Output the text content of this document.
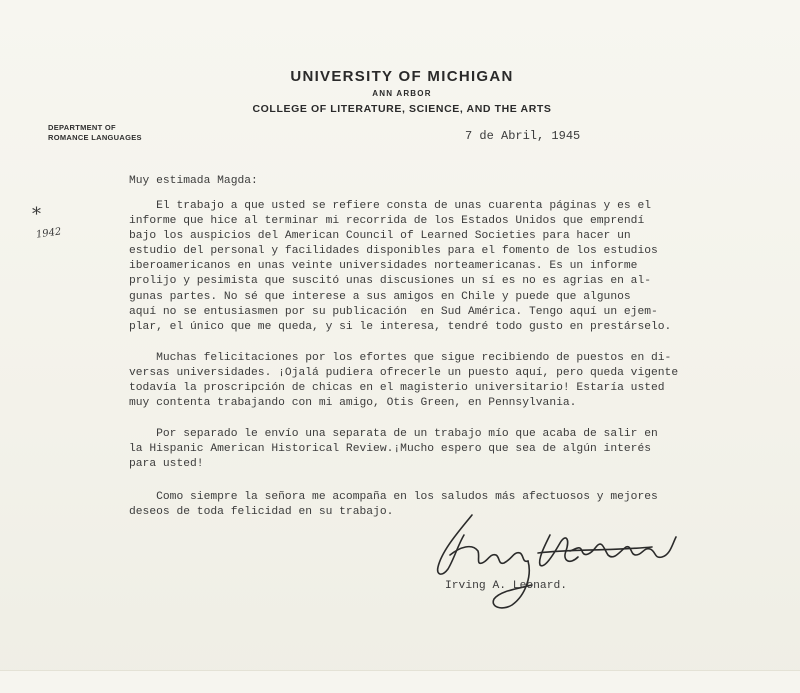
UNIVERSITY OF MICHIGAN
ANN ARBOR
COLLEGE OF LITERATURE, SCIENCE, AND THE ARTS
DEPARTMENT OF
ROMANCE LANGUAGES	7 de Abril, 1945
*
1942
Muy estimada Magda:
El trabajo a que usted se refiere consta de unas cuarenta páginas y es el
informe que hice al terminar mi recorrida de los Estados Unidos que emprendí
bajo los auspicios del American Council of Learned Societies para hacer un
estudio del personal y facilidades disponibles para el fomento de los estudios
iberoamericanos en unas veinte universidades norteamericanas. Es un informe
prolijo y pesimista que suscitó unas discusiones un sí es no es agrias en al-
gunas partes. No sé que interese a sus amigos en Chile y puede que algunos
aquí no se entusiasmen por su publicación  en Sud América. Tengo aquí un ejem-
plar, el único que me queda, y si le interesa, tendré todo gusto en prestárselo.
Muchas felicitaciones por los efortes que sigue recibiendo de puestos en di-
versas universidades. ¡Ojalá pudiera ofrecerle un puesto aquí, pero queda vigente
todavía la proscripción de chicas en el magisterio universitario! Estaría usted
muy contenta trabajando con mi amigo, Otis Green, en Pennsylvania.
Por separado le envío una separata de un trabajo mío que acaba de salir en
la Hispanic American Historical Review.¡Mucho espero que sea de algún interés
para usted!
Como siempre la señora me acompaña en los saludos más afectuosos y mejores
deseos de toda felicidad en su trabajo.
Irving A. Leonard.
